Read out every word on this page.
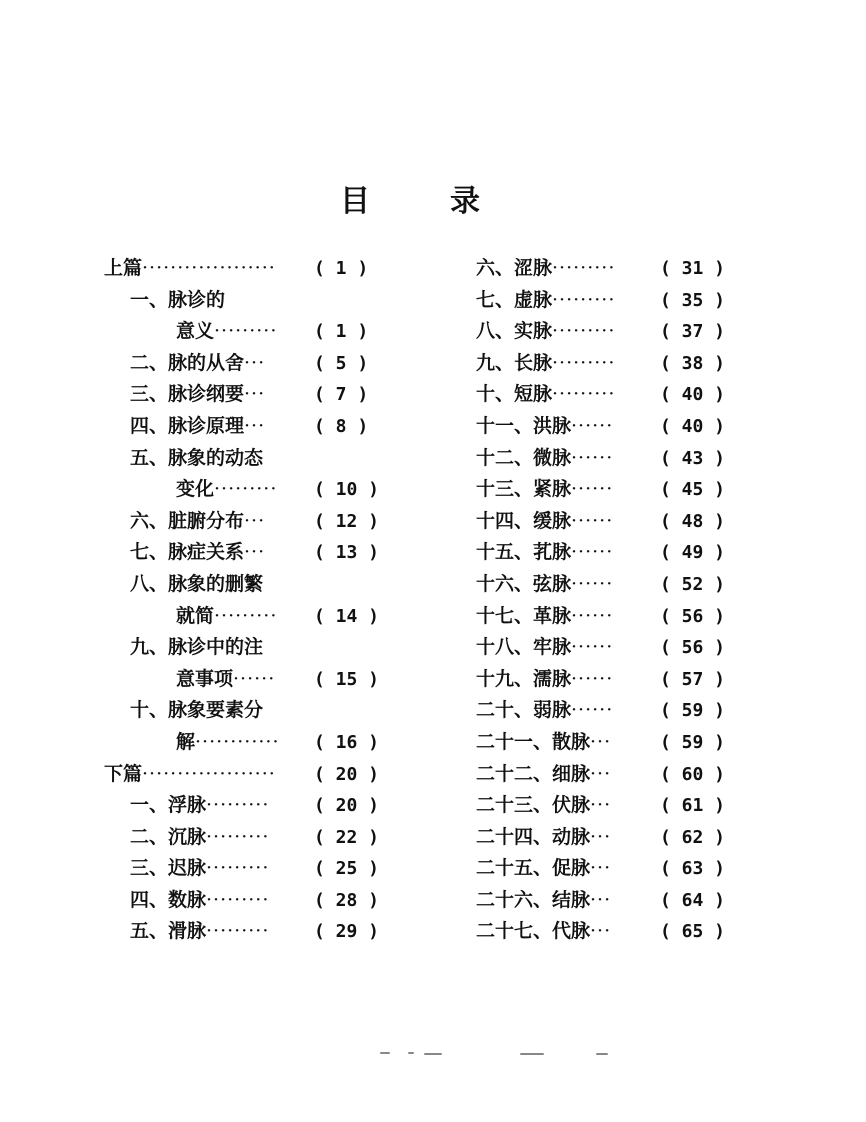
目	录
上篇··················· ( 1 )
一、脉诊的
意义········· ( 1 )
二、脉的从舍···	( 5 )
三、脉诊纲要···	( 7 )
四、脉诊原理···	( 8 )
五、脉象的动态
变化········· ( 10 )
六、脏腑分布···	( 12 )
七、脉症关系···	( 13 )
八、脉象的删繁
就简········· ( 14 )
九、脉诊中的注
意事项······ ( 15 )
十、脉象要素分
解············ ( 16 )
下篇··················· ( 20 )
一、浮脉········· ( 20 )
二、沉脉········· ( 22 )
三、迟脉········· ( 25 )
四、数脉········· ( 28 )
五、滑脉········· ( 29 )
六、涩脉········· ( 31 )
七、虚脉········· ( 35 )
八、实脉········· ( 37 )
九、长脉········· ( 38 )
十、短脉········· ( 40 )
十一、洪脉······	( 40 )
十二、微脉······	( 43 )
十三、紧脉······	( 45 )
十四、缓脉······	( 48 )
十五、芤脉······	( 49 )
十六、弦脉······	( 52 )
十七、革脉······	( 56 )
十八、牢脉······	( 56 )
十九、濡脉······	( 57 )
二十、弱脉······	( 59 )
二十一、散脉···	( 59 )
二十二、细脉···	( 60 )
二十三、伏脉···	( 61 )
二十四、动脉···	( 62 )
二十五、促脉···	( 63 )
二十六、结脉···	( 64 )
二十七、代脉···	( 65 )
